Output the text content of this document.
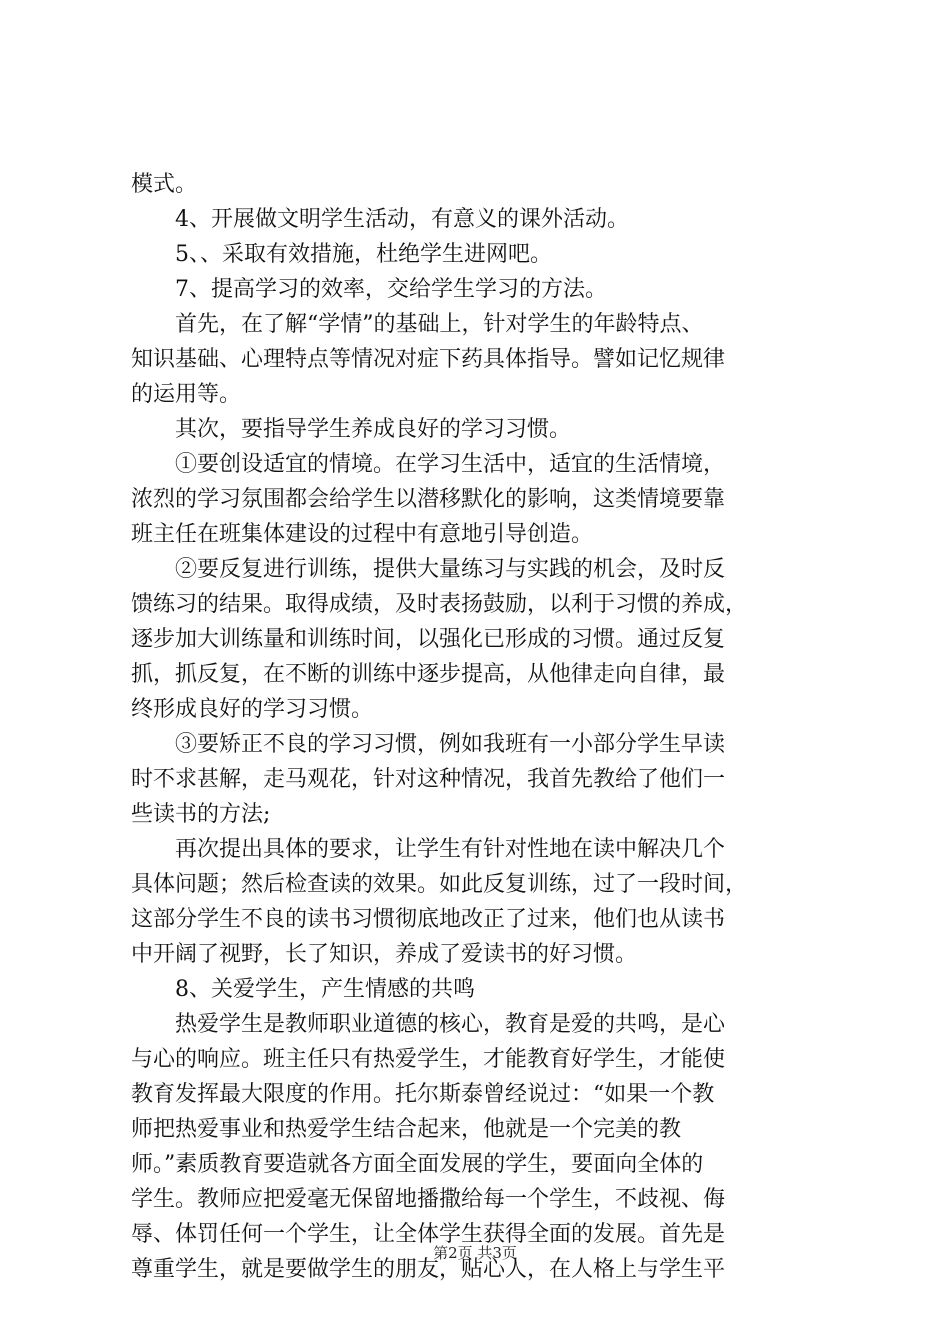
模式。
4、开展做文明学生活动，有意义的课外活动。
5、、采取有效措施，杜绝学生进网吧。
7、提高学习的效率，交给学生学习的方法。
首先，在了解“学情”的基础上，针对学生的年龄特点、
知识基础、心理特点等情况对症下药具体指导。譬如记忆规律
的运用等。
其次，要指导学生养成良好的学习习惯。
①要创设适宜的情境。在学习生活中，适宜的生活情境，
浓烈的学习氛围都会给学生以潜移默化的影响，这类情境要靠
班主任在班集体建设的过程中有意地引导创造。
②要反复进行训练，提供大量练习与实践的机会，及时反
馈练习的结果。取得成绩，及时表扬鼓励，以利于习惯的养成，
逐步加大训练量和训练时间，以强化已形成的习惯。通过反复
抓，抓反复，在不断的训练中逐步提高，从他律走向自律，最
终形成良好的学习习惯。
③要矫正不良的学习习惯，例如我班有一小部分学生早读
时不求甚解，走马观花，针对这种情况，我首先教给了他们一
些读书的方法;
再次提出具体的要求，让学生有针对性地在读中解决几个
具体问题；然后检查读的效果。如此反复训练，过了一段时间，
这部分学生不良的读书习惯彻底地改正了过来，他们也从读书
中开阔了视野，长了知识，养成了爱读书的好习惯。
8、关爱学生，产生情感的共鸣
热爱学生是教师职业道德的核心，教育是爱的共鸣，是心
与心的响应。班主任只有热爱学生，才能教育好学生，才能使
教育发挥最大限度的作用。托尔斯泰曾经说过：“如果一个教
师把热爱事业和热爱学生结合起来，他就是一个完美的教
师。”素质教育要造就各方面全面发展的学生，要面向全体的
学生。教师应把爱毫无保留地播撒给每一个学生，不歧视、侮
辱、体罚任何一个学生，让全体学生获得全面的发展。首先是
尊重学生，就是要做学生的朋友，贴心人，在人格上与学生平
第2页 共3页
